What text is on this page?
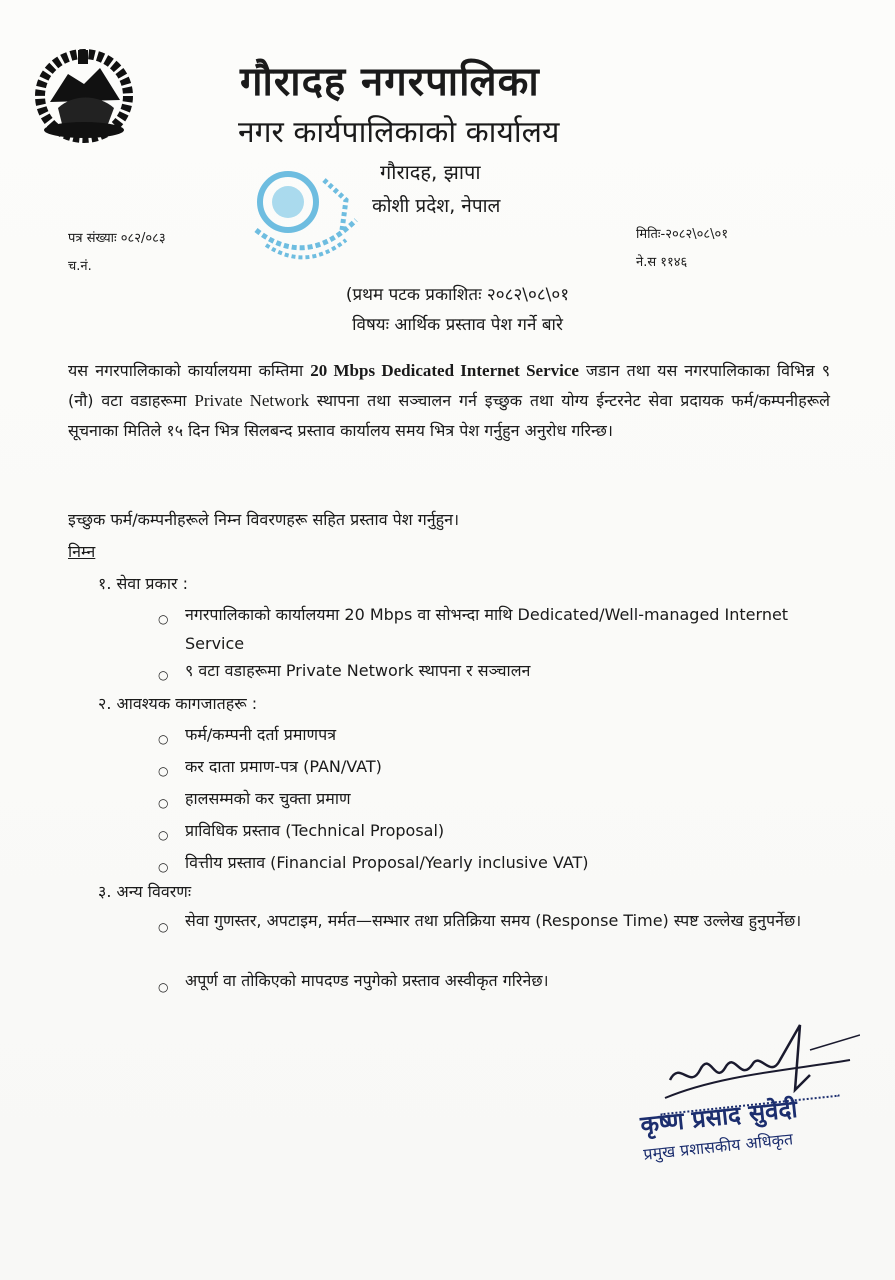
गौरादह नगरपालिका
नगर कार्यपालिकाको कार्यालय
गौरादह, झापा
कोशी प्रदेश, नेपाल
पत्र संख्याः ०८२/०८३
च.नं.
मितिः-२०८२\०८\०१
ने.स ११४६
(प्रथम पटक प्रकाशितः २०८२\०८\०१
विषयः आर्थिक प्रस्ताव पेश गर्ने बारे
यस नगरपालिकाको कार्यालयमा कम्तिमा 20 Mbps Dedicated Internet Service जडान तथा यस नगरपालिकाका विभिन्न ९ (नौ) वटा वडाहरूमा Private Network स्थापना तथा सञ्चालन गर्न इच्छुक तथा योग्य ईन्टरनेट सेवा प्रदायक फर्म/कम्पनीहरूले सूचनाका मितिले १५ दिन भित्र सिलबन्द प्रस्ताव कार्यालय समय भित्र पेश गर्नुहुन अनुरोध गरिन्छ।
इच्छुक फर्म/कम्पनीहरूले निम्न विवरणहरू सहित प्रस्ताव पेश गर्नुहुन।
निम्न
१. सेवा प्रकार :
○ नगरपालिकाको कार्यालयमा 20 Mbps वा सोभन्दा माथि Dedicated/Well-managed Internet Service
○ ९ वटा वडाहरूमा Private Network स्थापना र सञ्चालन
२. आवश्यक कागजातहरू :
○ फर्म/कम्पनी दर्ता प्रमाणपत्र
○ कर दाता प्रमाण-पत्र (PAN/VAT)
○ हालसम्मको कर चुक्ता प्रमाण
○ प्राविधिक प्रस्ताव (Technical Proposal)
○ वित्तीय प्रस्ताव (Financial Proposal/Yearly inclusive VAT)
३. अन्य विवरणः
○ सेवा गुणस्तर, अपटाइम, मर्मत—सम्भार तथा प्रतिक्रिया समय (Response Time) स्पष्ट उल्लेख हुनुपर्नेछ।
○ अपूर्ण वा तोकिएको मापदण्ड नपुगेको प्रस्ताव अस्वीकृत गरिनेछ।
कृष्ण प्रसाद सुवेदी
प्रमुख प्रशासकीय अधिकृत
